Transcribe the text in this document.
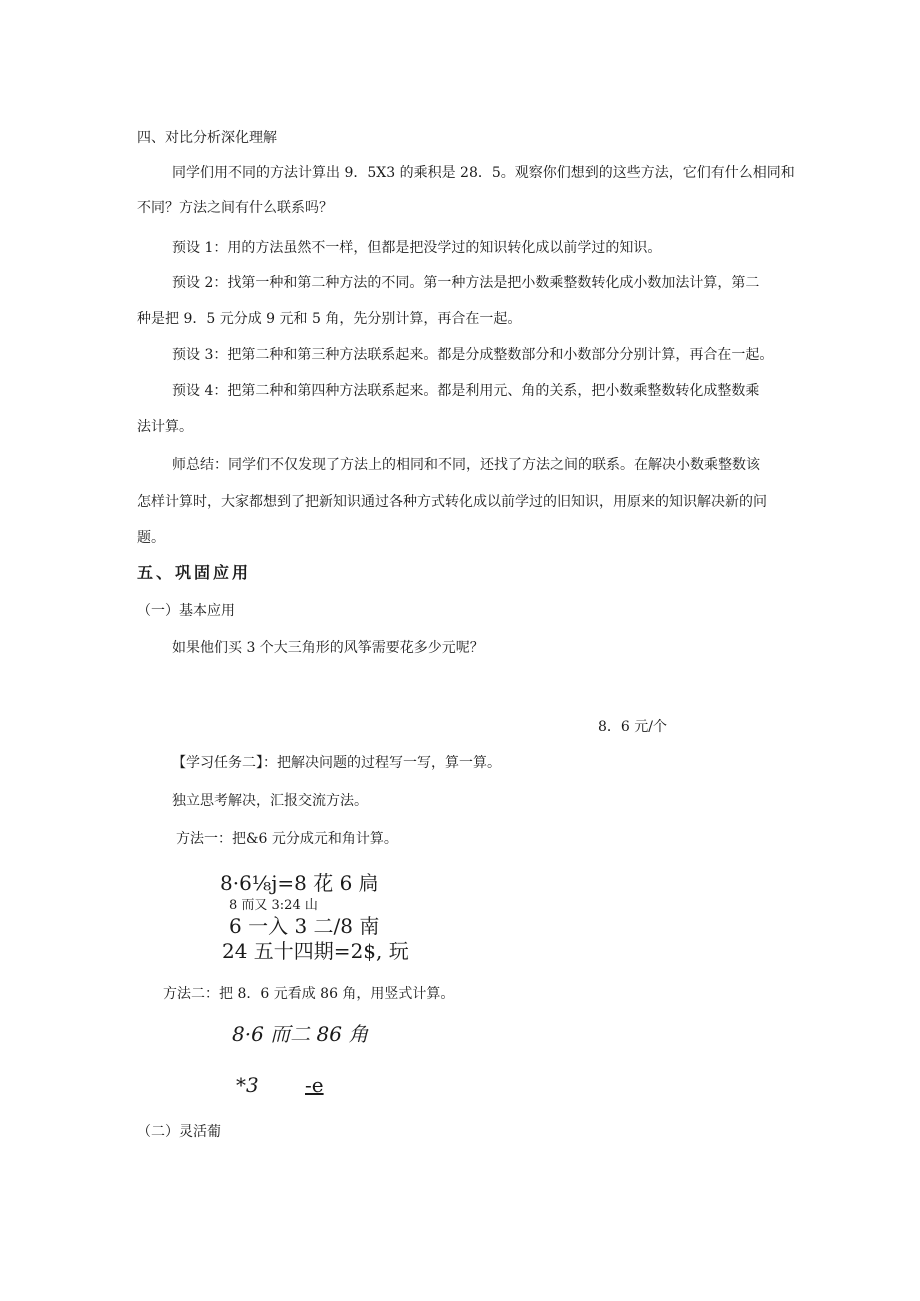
四、对比分析深化理解
同学们用不同的方法计算出 9．5X3 的乘积是 28．5。观察你们想到的这些方法，它们有什么相同和
不同？方法之间有什么联系吗？
预设 1：用的方法虽然不一样，但都是把没学过的知识转化成以前学过的知识。
预设 2：找第一种和第二种方法的不同。第一种方法是把小数乘整数转化成小数加法计算，第二
种是把 9．5 元分成 9 元和 5 角，先分别计算，再合在一起。
预设 3：把第二种和第三种方法联系起来。都是分成整数部分和小数部分分别计算，再合在一起。
预设 4：把第二种和第四种方法联系起来。都是利用元、角的关系，把小数乘整数转化成整数乘
法计算。
师总结：同学们不仅发现了方法上的相同和不同，还找了方法之间的联系。在解决小数乘整数该
怎样计算时，大家都想到了把新知识通过各种方式转化成以前学过的旧知识，用原来的知识解决新的问
题。
五、巩固应用
（一）基本应用
如果他们买 3 个大三角形的风筝需要花多少元呢？
8．6 元/个
【学习任务二】：把解决问题的过程写一写，算一算。
独立思考解决，汇报交流方法。
方法一：把&6 元分成元和角计算。
8·6⅛j=8 花 6 扃
8 而又 3:24 山
6 一入 3 二/8 南
24 五十四期=2$, 玩
方法二：把 8．6 元看成 86 角，用竖式计算。
8·6 而二 86 角
*3 -e
（二）灵活葡
